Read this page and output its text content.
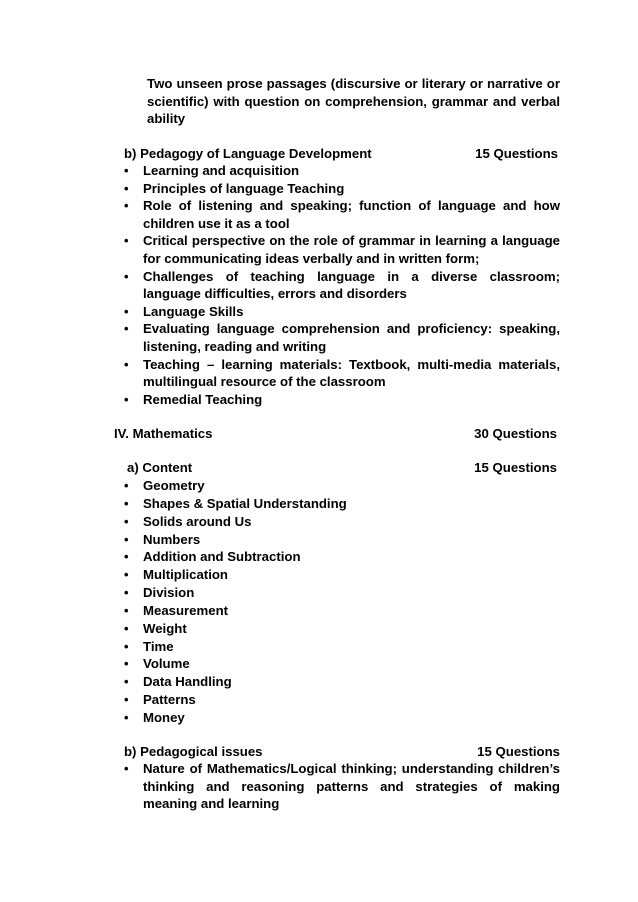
Two unseen prose passages (discursive or literary or narrative or scientific) with question on comprehension, grammar and verbal ability
b) Pedagogy of Language Development	15 Questions
• Learning and acquisition
• Principles of language Teaching
• Role of listening and speaking; function of language and how children use it as a tool
• Critical perspective on the role of grammar in learning a language for communicating ideas verbally and in written form;
• Challenges of teaching language in a diverse classroom; language difficulties, errors and disorders
• Language Skills
• Evaluating language comprehension and proficiency: speaking, listening, reading and writing
• Teaching – learning materials: Textbook, multi-media materials, multilingual resource of the classroom
• Remedial Teaching
IV. Mathematics	30 Questions
a) Content	15 Questions
• Geometry
• Shapes & Spatial Understanding
• Solids around Us
• Numbers
• Addition and Subtraction
• Multiplication
• Division
• Measurement
• Weight
• Time
• Volume
• Data Handling
• Patterns
• Money
b) Pedagogical issues	15 Questions
• Nature of Mathematics/Logical thinking; understanding children’s thinking and reasoning patterns and strategies of making meaning and learning
